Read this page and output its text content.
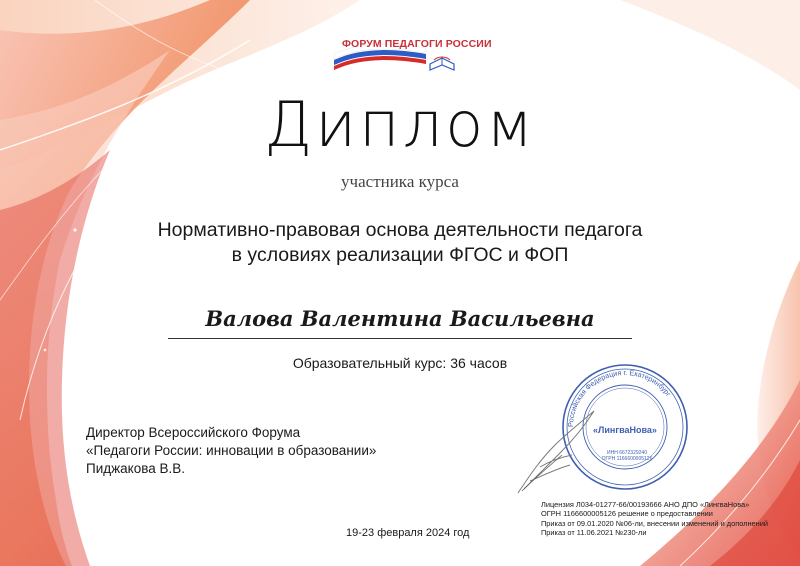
ФОРУМ ПЕДАГОГИ РОССИИ
Диплом
участника курса
Нормативно-правовая основа деятельности педагога
в условиях реализации ФГОС и ФОП
Валова Валентина Васильевна
Образовательный курс: 36 часов
Директор Всероссийского Форума
«Педагоги России: инновации в образовании»
Пиджакова В.В.
Российская Федерация г. Екатеринбург
«ЛингваНова»
ИНН 6672329240
ОГРН 1166600005126
19-23 февраля 2024 год
Лицензия Л034-01277-66/00193666 АНО ДПО «ЛингваНова»
ОГРН 1166600005126 решение о предоставлении
Приказ от 09.01.2020 №06-ли, внесении изменений и дополнений
Приказ от 11.06.2021 №230-ли
